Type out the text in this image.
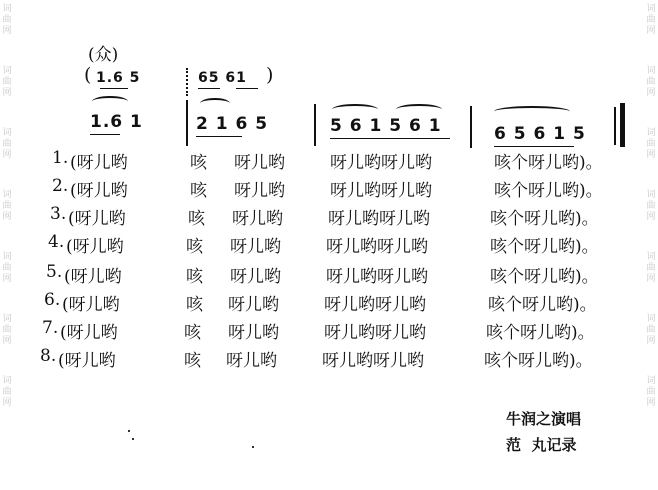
词曲网
词曲网
词曲网
词曲网
词曲网
词曲网
词曲网
词曲网
词曲网
词曲网
词曲网
词曲网
词曲网
词曲网
(众)
( 1.6 5	65 61 )
1.6 1	2 1 6 5	5 6 1 5 6 1	6 5 6 1 5
1. (呀儿哟	咳 呀儿哟	呀儿哟呀儿哟	咳个呀儿哟)。
2. (呀儿哟	咳 呀儿哟	呀儿哟呀儿哟	咳个呀儿哟)。
3. (呀儿哟	咳 呀儿哟	呀儿哟呀儿哟	咳个呀儿哟)。
4. (呀儿哟	咳 呀儿哟	呀儿哟呀儿哟	咳个呀儿哟)。
5. (呀儿哟	咳 呀儿哟	呀儿哟呀儿哟	咳个呀儿哟)。
6. (呀儿哟	咳 呀儿哟	呀儿哟呀儿哟	咳个呀儿哟)。
7. (呀儿哟	咳 呀儿哟	呀儿哟呀儿哟	咳个呀儿哟)。
8. (呀儿哟	咳 呀儿哟	呀儿哟呀儿哟	咳个呀儿哟)。
牛润之演唱
范  丸记录
